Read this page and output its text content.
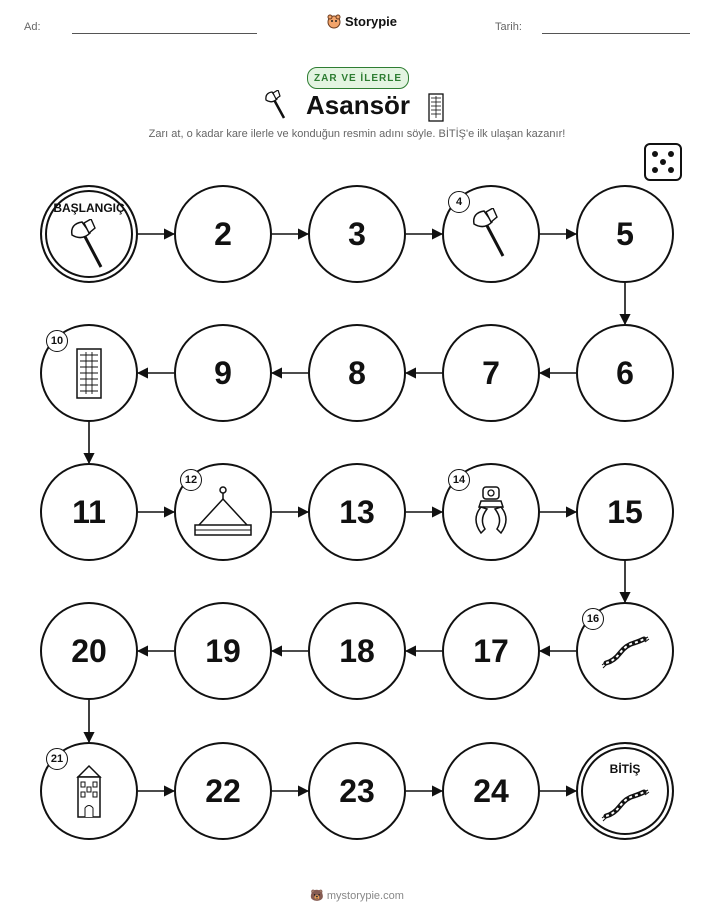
Ad:	Storypie	Tarih:
ZAR VE İLERLE
Asansör
Zarı at, o kadar kare ilerle ve konduğun resmin adını söyle. BİTİŞ'e ilk ulaşan kazanır!
BAŞLANGIÇ
2	3
4
5
6
7
8
9
10
11
12
13
14
15
16
17
18
19
20
21
22	23	24
BİTİŞ
🐻 mystorypie.com
